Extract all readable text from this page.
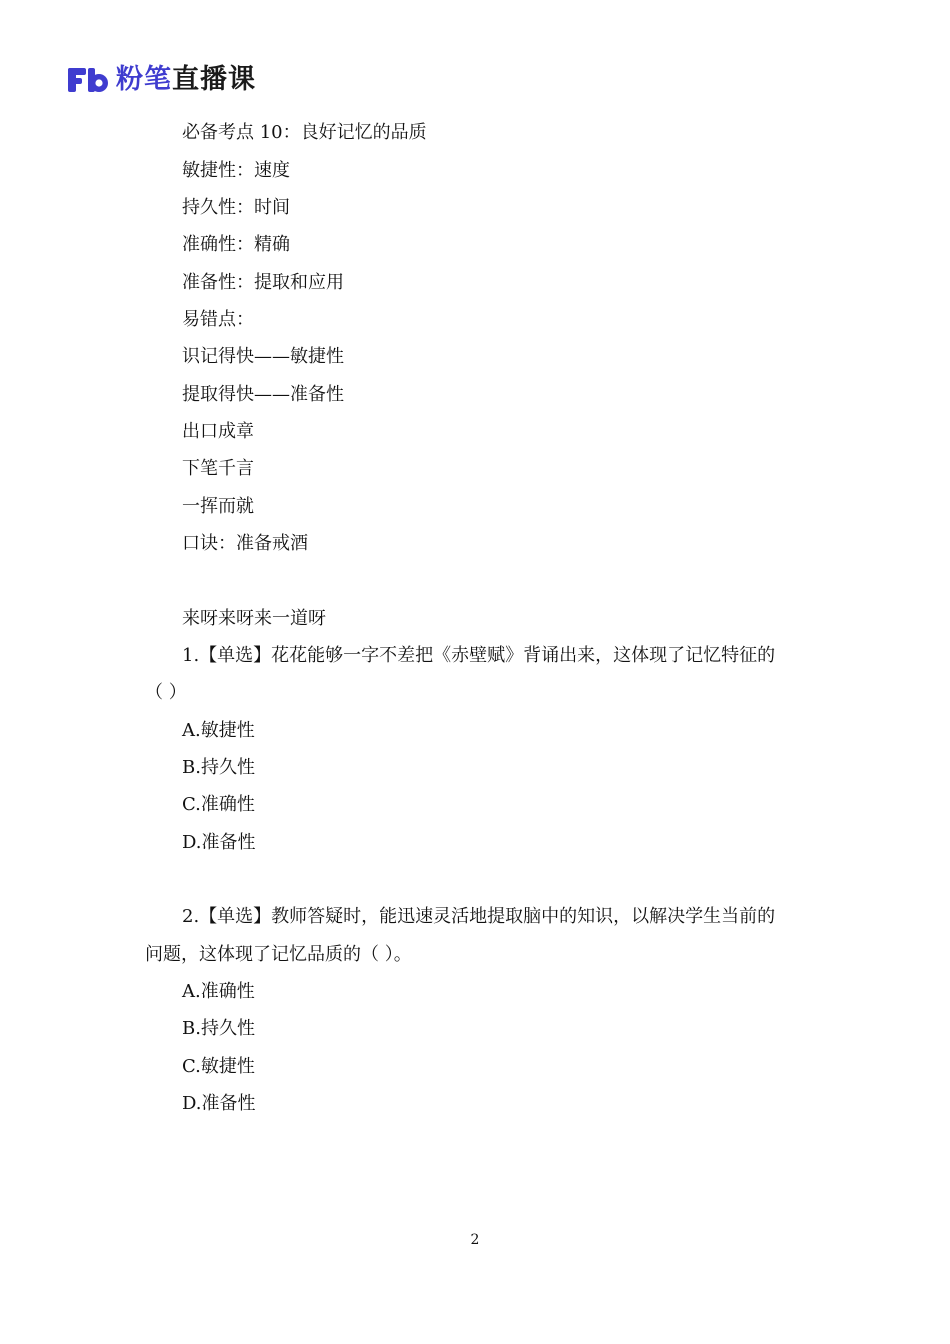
粉笔直播课
必备考点 10：良好记忆的品质
敏捷性：速度
持久性：时间
准确性：精确
准备性：提取和应用
易错点：
识记得快——敏捷性
提取得快——准备性
出口成章
下笔千言
一挥而就
口诀：准备戒酒
来呀来呀来一道呀
1.【单选】花花能够一字不差把《赤壁赋》背诵出来，这体现了记忆特征的
（ ）
A.敏捷性
B.持久性
C.准确性
D.准备性
2.【单选】教师答疑时，能迅速灵活地提取脑中的知识，以解决学生当前的
问题，这体现了记忆品质的（ ）。
A.准确性
B.持久性
C.敏捷性
D.准备性
2
